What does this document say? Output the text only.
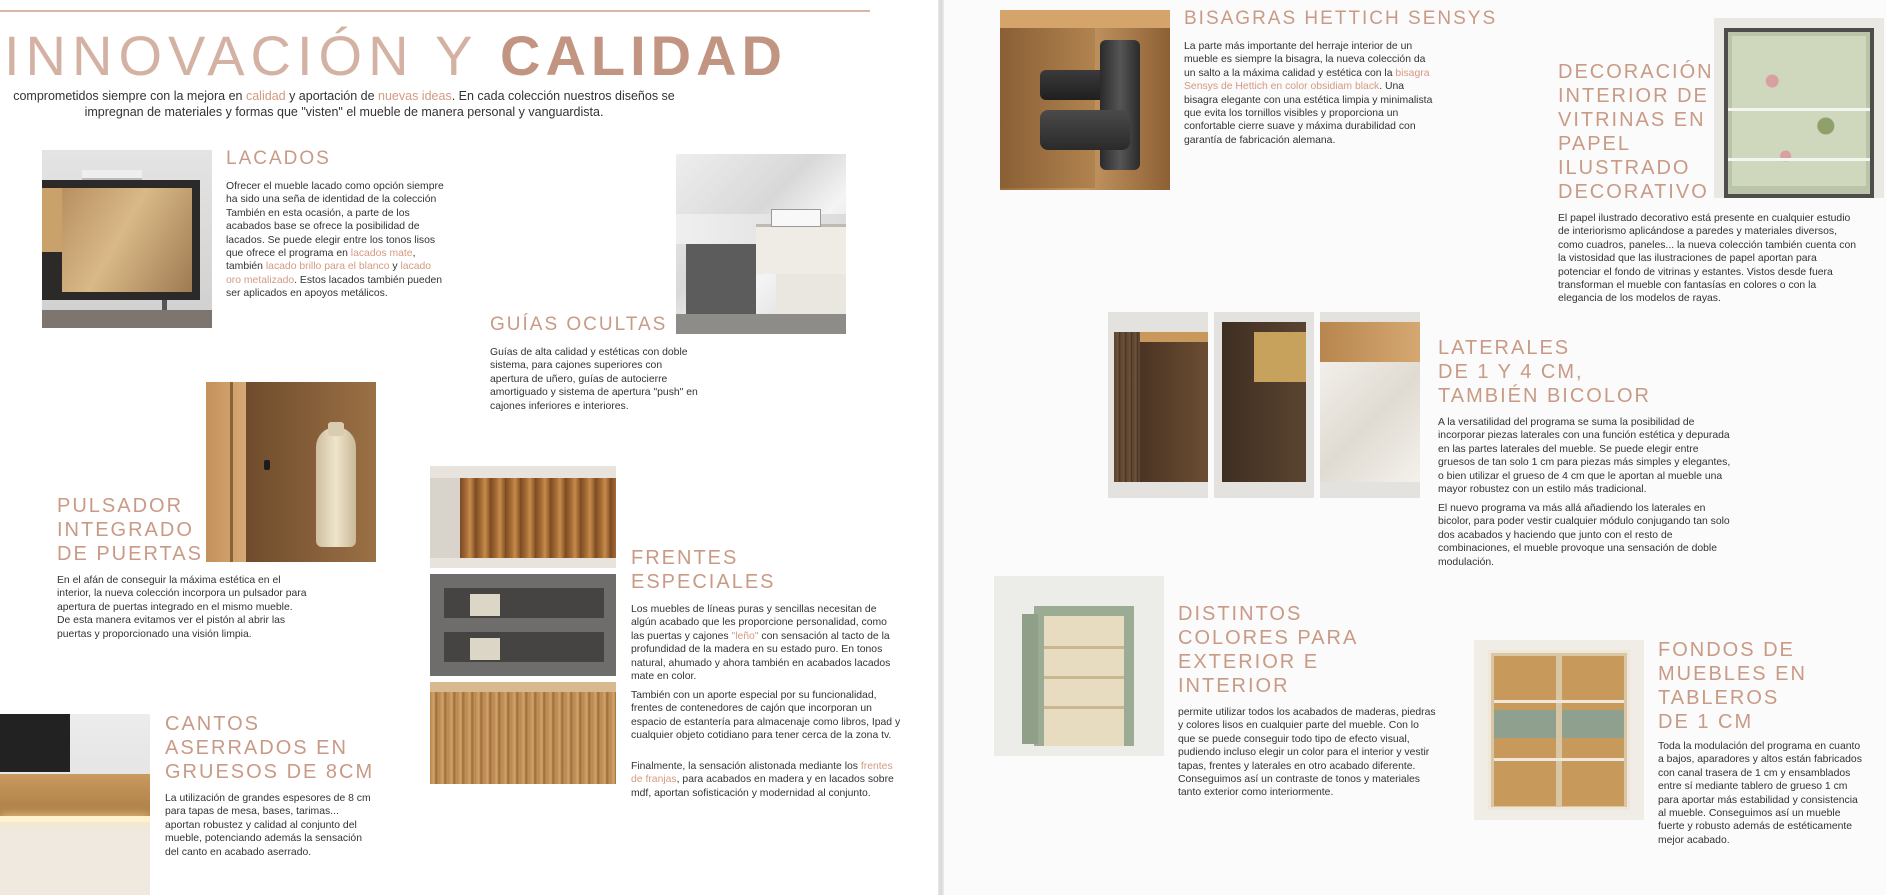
INNOVACIÓN Y CALIDAD
comprometidos siempre con la mejora en calidad y aportación de nuevas ideas. En cada colección nuestros diseños se impregnan de materiales y formas que "visten" el mueble de manera personal y vanguardista.
LACADOS
Ofrecer el mueble lacado como opción siempre ha sido una seña de identidad de la colección También en esta ocasión, a parte de los acabados base se ofrece la posibilidad de lacados. Se puede elegir entre los tonos lisos que ofrece el programa en lacados mate, también lacado brillo para el blanco y lacado oro metalizado. Estos lacados también pueden ser aplicados en apoyos metálicos.
GUÍAS OCULTAS
Guías de alta calidad y estéticas con doble sistema, para cajones superiores con apertura de uñero, guías de autocierre amortiguado y sistema de apertura "push" en cajones inferiores e interiores.
PULSADOR
INTEGRADO
DE PUERTAS
En el afán de conseguir la máxima estética en el interior, la nueva colección incorpora un pulsador para apertura de puertas integrado en el mismo mueble. De esta manera evitamos ver el pistón al abrir las puertas y proporcionado una visión limpia.
FRENTES
ESPECIALES
Los muebles de líneas puras y sencillas necesitan de algún acabado que les proporcione personalidad, como las puertas y cajones "leño" con sensación al tacto de la profundidad de la madera en su estado puro. En tonos natural, ahumado y ahora también en acabados lacados mate en color.
También con un aporte especial por su funcionalidad, frentes de contenedores de cajón que incorporan un espacio de estantería para almacenaje como libros, Ipad y cualquier objeto cotidiano para tener cerca de la zona tv.
Finalmente, la sensación alistonada mediante los frentes de franjas, para acabados en madera y en lacados sobre mdf, aportan sofisticación y modernidad al conjunto.
CANTOS
ASERRADOS EN
GRUESOS DE 8CM
La utilización de grandes espesores de 8 cm para tapas de mesa, bases, tarimas... aportan robustez y calidad al conjunto del mueble, potenciando además la sensación del canto en acabado aserrado.
BISAGRAS HETTICH SENSYS
La parte más importante del herraje interior de un mueble es siempre la bisagra, la nueva colección da un salto a la máxima calidad y estética con la bisagra Sensys de Hettich en color obsidiam black. Una bisagra elegante con una estética limpia y minimalista que evita los tornillos visibles y proporciona un confortable cierre suave y máxima durabilidad con garantía de fabricación alemana.
DECORACIÓN
INTERIOR DE
VITRINAS EN
PAPEL
ILUSTRADO
DECORATIVO
El papel ilustrado decorativo está presente en cualquier estudio de interiorismo aplicándose a paredes y materiales diversos, como cuadros, paneles... la nueva colección también cuenta con la vistosidad que las ilustraciones de papel aportan para potenciar el fondo de vitrinas y estantes. Vistos desde fuera transforman el mueble con fantasías en colores o con la elegancia de los modelos de rayas.
LATERALES
DE 1 Y 4 CM,
TAMBIÉN BICOLOR
A la versatilidad del programa se suma la posibilidad de incorporar piezas laterales con una función estética y depurada en las partes laterales del mueble. Se puede elegir entre gruesos de tan solo 1 cm para piezas más simples y elegantes, o bien utilizar el grueso de 4 cm que le aportan al mueble una mayor robustez con un estilo más tradicional.
El nuevo programa va más allá añadiendo los laterales en bicolor, para poder vestir cualquier módulo conjugando tan solo dos acabados y haciendo que junto con el resto de combinaciones, el mueble provoque una sensación de doble modulación.
DISTINTOS
COLORES PARA
EXTERIOR E
INTERIOR
permite utilizar todos los acabados de maderas, piedras y colores lisos en cualquier parte del mueble. Con lo que se puede conseguir todo tipo de efecto visual, pudiendo incluso elegir un color para el interior y vestir tapas, frentes y laterales en otro acabado diferente. Conseguimos así un contraste de tonos y materiales tanto exterior como interiormente.
FONDOS DE
MUEBLES EN
TABLEROS
DE 1 CM
Toda la modulación del programa en cuanto a bajos, aparadores y altos están fabricados con canal trasera de 1 cm y ensamblados entre sí mediante tablero de grueso 1 cm para aportar más estabilidad y consistencia al mueble. Conseguimos así un mueble fuerte y robusto además de estéticamente mejor acabado.
